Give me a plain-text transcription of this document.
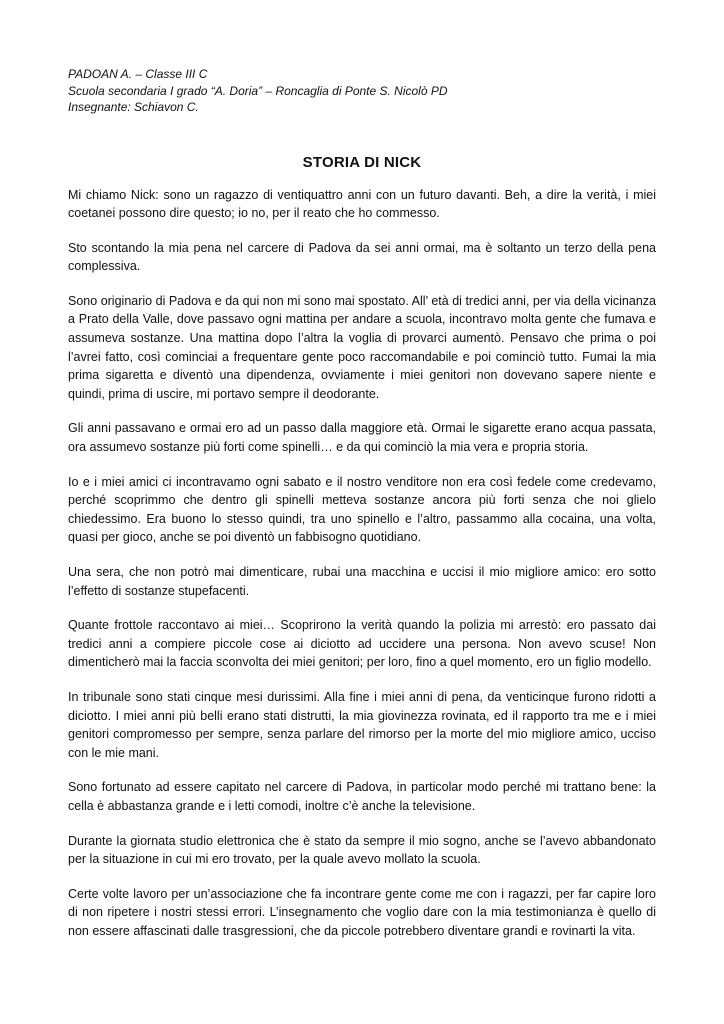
PADOAN A. – Classe III C
Scuola secondaria I grado “A. Doria” – Roncaglia di Ponte S. Nicolò PD
Insegnante: Schiavon C.
STORIA DI NICK

Mi chiamo Nick: sono un ragazzo di ventiquattro anni con un futuro davanti. Beh, a dire la verità, i miei coetanei possono dire questo; io no, per il reato che ho commesso.

Sto scontando la mia pena nel carcere di Padova da sei anni ormai, ma è soltanto un terzo della pena complessiva.

Sono originario di Padova e da qui non mi sono mai spostato. All’ età di tredici anni, per via della vicinanza a Prato della Valle, dove passavo ogni mattina per andare a scuola, incontravo molta gente che fumava e assumeva sostanze. Una mattina dopo l’altra la voglia di provarci aumentò. Pensavo che prima o poi l’avrei fatto, così cominciai a frequentare gente poco raccomandabile e poi cominciò tutto. Fumai la mia prima sigaretta e diventò una dipendenza, ovviamente i miei genitori non dovevano sapere niente e quindi, prima di uscire, mi portavo sempre il deodorante.

Gli anni passavano e ormai ero ad un passo dalla maggiore età. Ormai le sigarette erano acqua passata, ora assumevo sostanze più forti come spinelli… e da qui cominciò la mia vera e propria storia.

Io e i miei amici ci incontravamo ogni sabato e il nostro venditore non era così fedele come credevamo, perché scoprimmo che dentro gli spinelli metteva sostanze ancora più forti senza che noi glielo chiedessimo. Era buono lo stesso quindi, tra uno spinello e l’altro, passammo alla cocaina, una volta, quasi per gioco, anche se poi diventò un fabbisogno quotidiano.

Una sera, che non potrò mai dimenticare, rubai una macchina e uccisi il mio migliore amico: ero sotto l’effetto di sostanze stupefacenti.

Quante frottole raccontavo ai miei… Scoprirono la verità quando la polizia mi arrestò: ero passato dai tredici anni a compiere piccole cose ai diciotto ad uccidere una persona. Non avevo scuse! Non dimenticherò mai la faccia sconvolta dei miei genitori; per loro, fino a quel momento, ero un figlio modello.

In tribunale sono stati cinque mesi durissimi. Alla fine i miei anni di pena, da venticinque furono ridotti a diciotto. I miei anni più belli erano stati distrutti, la mia giovinezza rovinata, ed il rapporto tra me e i miei genitori compromesso per sempre, senza parlare del rimorso per la morte del mio migliore amico, ucciso con le mie mani.

Sono fortunato ad essere capitato nel carcere di Padova, in particolar modo perché mi trattano bene: la cella è abbastanza grande e i letti comodi, inoltre c’è anche la televisione.

Durante la giornata studio elettronica che è stato da sempre il mio sogno, anche se l’avevo abbandonato per la situazione in cui mi ero trovato, per la quale avevo mollato la scuola.

Certe volte lavoro per un’associazione che fa incontrare gente come me con i ragazzi, per far capire loro di non ripetere i nostri stessi errori. L’insegnamento che voglio dare con la mia testimonianza è quello di non essere affascinati dalle trasgressioni, che da piccole potrebbero diventare grandi e rovinarti la vita.
